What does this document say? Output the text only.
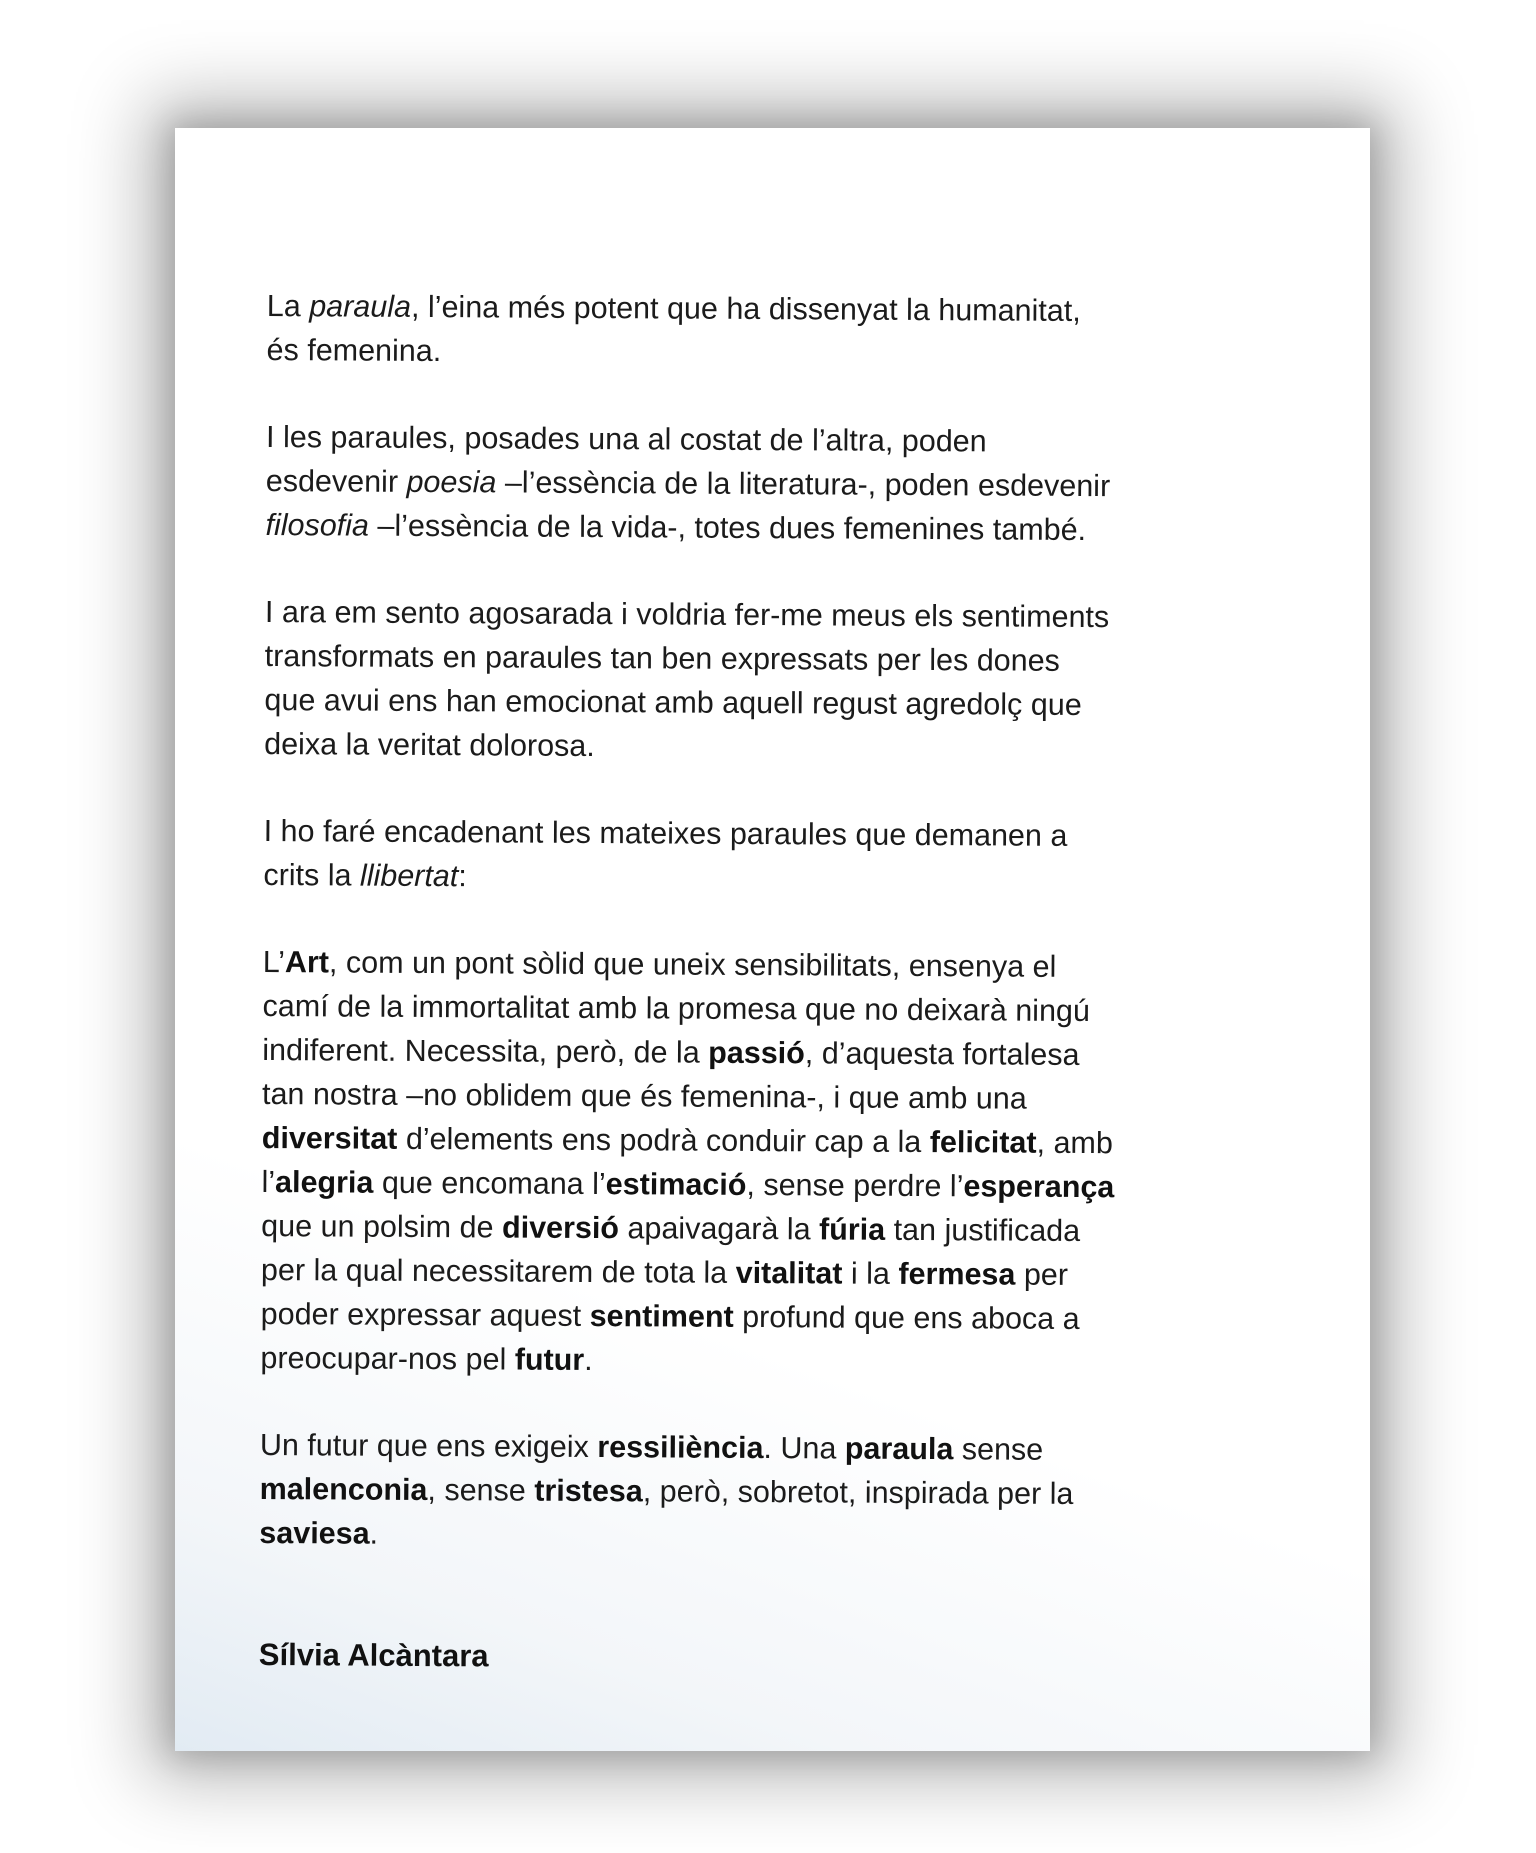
La paraula, l’eina més potent que ha dissenyat la humanitat,
és femenina.

I les paraules, posades una al costat de l’altra, poden
esdevenir poesia –l’essència de la literatura-, poden esdevenir
filosofia –l’essència de la vida-, totes dues femenines també.

I ara em sento agosarada i voldria fer-me meus els sentiments
transformats en paraules tan ben expressats per les dones
que avui ens han emocionat amb aquell regust agredolç que
deixa la veritat dolorosa.

I ho faré encadenant les mateixes paraules que demanen a
crits la llibertat:

L’Art, com un pont sòlid que uneix sensibilitats, ensenya el
camí de la immortalitat amb la promesa que no deixarà ningú
indiferent. Necessita, però, de la passió, d’aquesta fortalesa
tan nostra –no oblidem que és femenina-, i que amb una
diversitat d’elements ens podrà conduir cap a la felicitat, amb
l’alegria que encomana l’estimació, sense perdre l’esperança
que un polsim de diversió apaivagarà la fúria tan justificada
per la qual necessitarem de tota la vitalitat i la fermesa per
poder expressar aquest sentiment profund que ens aboca a
preocupar-nos pel futur.

Un futur que ens exigeix ressiliència. Una paraula sense
malenconia, sense tristesa, però, sobretot, inspirada per la
saviesa.

Sílvia Alcàntara
